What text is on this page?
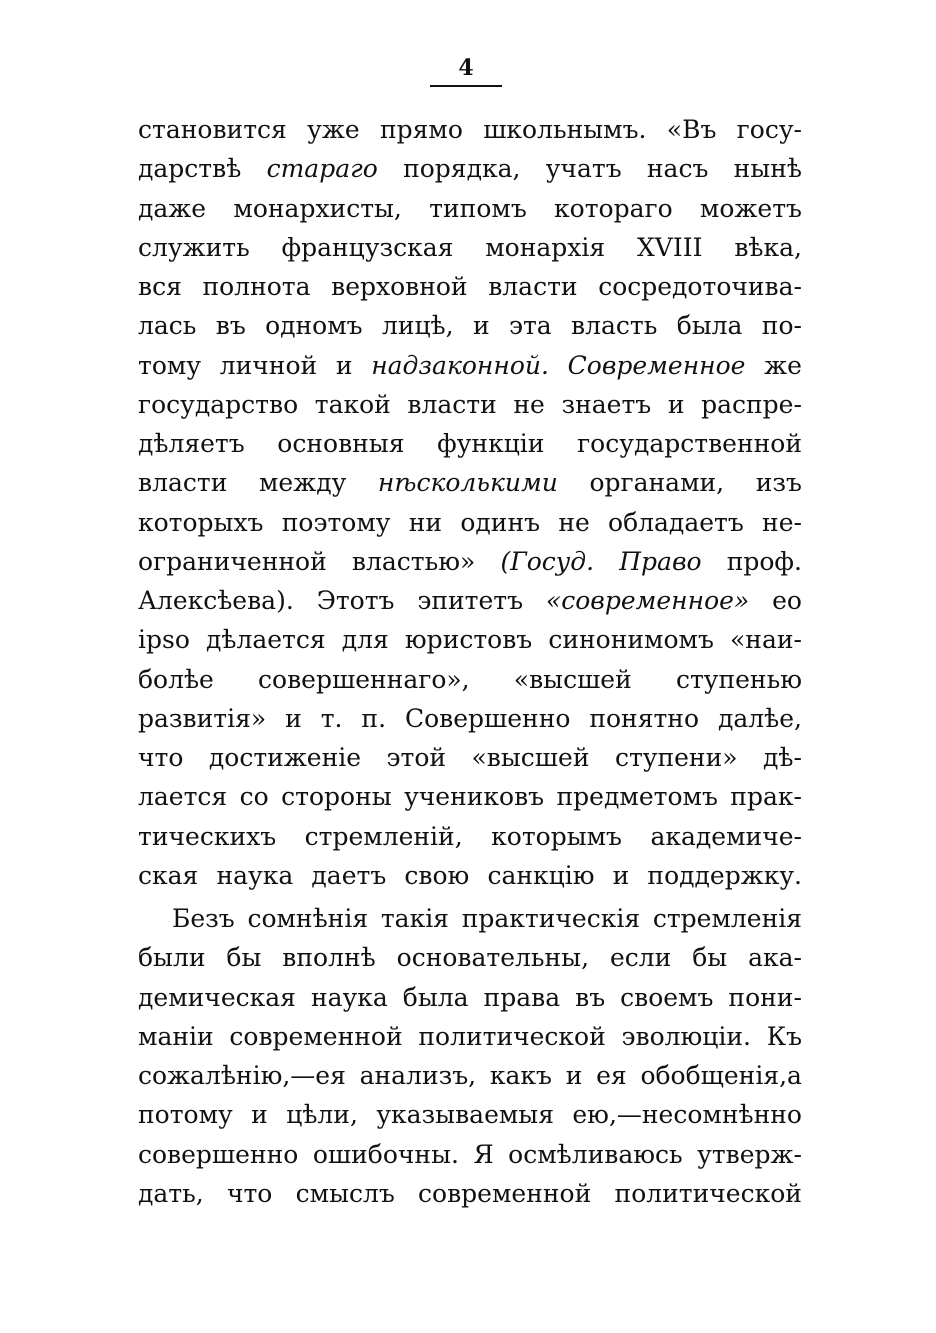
4
становится уже прямо школьнымъ. «Въ госу-
дарствѣ стараго порядка, учатъ насъ нынѣ
даже монархисты, типомъ котораго можетъ
служить французская монархія XVIII вѣка,
вся полнота верховной власти сосредоточива-
лась въ одномъ лицѣ, и эта власть была по-
тому личной и надзаконной. Современное же
государство такой власти не знаетъ и распре-
дѣляетъ основныя функціи государственной
власти между нѣсколькими органами, изъ
которыхъ поэтому ни одинъ не обладаетъ не-
ограниченной властью» (Госуд. Право проф.
Алексѣева). Этотъ эпитетъ «современное» eo
ipso дѣлается для юристовъ синонимомъ «наи-
болѣе совершеннаго», «высшей ступенью
развитія» и т. п. Совершенно понятно далѣе,
что достиженіе этой «высшей ступени» дѣ-
лается со стороны учениковъ предметомъ прак-
тическихъ стремленій, которымъ академиче-
ская наука даетъ свою санкцію и поддержку.
Безъ сомнѣнія такія практическія стремленія
были бы вполнѣ основательны, если бы ака-
демическая наука была права въ своемъ пони-
маніи современной политической эволюціи. Къ
сожалѣнію,—ея анализъ, какъ и ея обобщенія,а
потому и цѣли, указываемыя ею,—несомнѣнно
совершенно ошибочны. Я осмѣливаюсь утверж-
дать, что смыслъ современной политической
